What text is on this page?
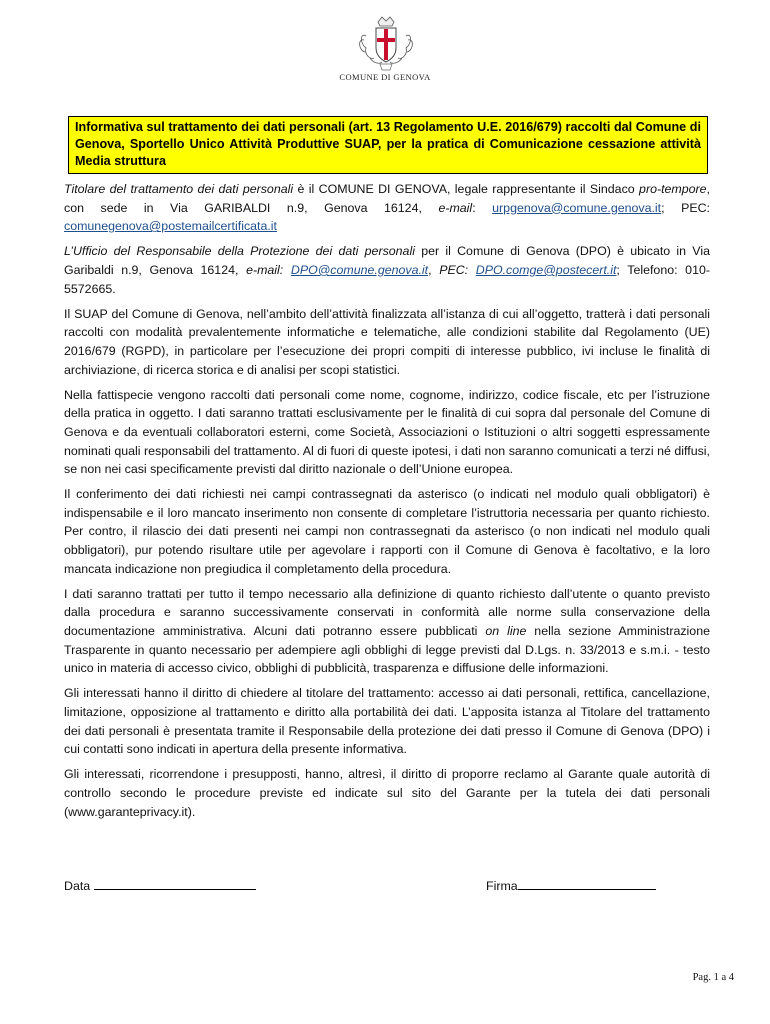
COMUNE DI GENOVA
Informativa sul trattamento dei dati personali (art. 13 Regolamento U.E. 2016/679) raccolti dal Comune di Genova, Sportello Unico Attività Produttive SUAP, per la pratica di Comunicazione cessazione attività Media struttura

Titolare del trattamento dei dati personali è il COMUNE DI GENOVA, legale rappresentante il Sindaco pro-tempore, con sede in Via GARIBALDI n.9, Genova 16124, e-mail: urpgenova@comune.genova.it; PEC: comunegenova@postemailcertificata.it

L’Ufficio del Responsabile della Protezione dei dati personali per il Comune di Genova (DPO) è ubicato in Via Garibaldi n.9, Genova 16124, e-mail: DPO@comune.genova.it, PEC: DPO.comge@postecert.it; Telefono: 010-5572665.

Il SUAP del Comune di Genova, nell’ambito dell’attività finalizzata all’istanza di cui all’oggetto, tratterà i dati personali raccolti con modalità prevalentemente informatiche e telematiche, alle condizioni stabilite dal Regolamento (UE) 2016/679 (RGPD), in particolare per l’esecuzione dei propri compiti di interesse pubblico, ivi incluse le finalità di archiviazione, di ricerca storica e di analisi per scopi statistici.

Nella fattispecie vengono raccolti dati personali come nome, cognome, indirizzo, codice fiscale, etc per l’istruzione della pratica in oggetto. I dati saranno trattati esclusivamente per le finalità di cui sopra dal personale del Comune di Genova e da eventuali collaboratori esterni, come Società, Associazioni o Istituzioni o altri soggetti espressamente nominati quali responsabili del trattamento. Al di fuori di queste ipotesi, i dati non saranno comunicati a terzi né diffusi, se non nei casi specificamente previsti dal diritto nazionale o dell’Unione europea.

Il conferimento dei dati richiesti nei campi contrassegnati da asterisco (o indicati nel modulo quali obbligatori) è indispensabile e il loro mancato inserimento non consente di completare l’istruttoria necessaria per quanto richiesto. Per contro, il rilascio dei dati presenti nei campi non contrassegnati da asterisco (o non indicati nel modulo quali obbligatori), pur potendo risultare utile per agevolare i rapporti con il Comune di Genova è facoltativo, e la loro mancata indicazione non pregiudica il completamento della procedura.

I dati saranno trattati per tutto il tempo necessario alla definizione di quanto richiesto dall’utente o quanto previsto dalla procedura e saranno successivamente conservati in conformità alle norme sulla conservazione della documentazione amministrativa. Alcuni dati potranno essere pubblicati on line nella sezione Amministrazione Trasparente in quanto necessario per adempiere agli obblighi di legge previsti dal D.Lgs. n. 33/2013 e s.m.i. - testo unico in materia di accesso civico, obblighi di pubblicità, trasparenza e diffusione delle informazioni.

Gli interessati hanno il diritto di chiedere al titolare del trattamento: accesso ai dati personali, rettifica, cancellazione, limitazione, opposizione al trattamento e diritto alla portabilità dei dati. L’apposita istanza al Titolare del trattamento dei dati personali è presentata tramite il Responsabile della protezione dei dati presso il Comune di Genova (DPO) i cui contatti sono indicati in apertura della presente informativa.

Gli interessati, ricorrendone i presupposti, hanno, altresì, il diritto di proporre reclamo al Garante quale autorità di controllo secondo le procedure previste ed indicate sul sito del Garante per la tutela dei dati personali (www.garanteprivacy.it).

Data	Firma
Pag. 1 a 4
